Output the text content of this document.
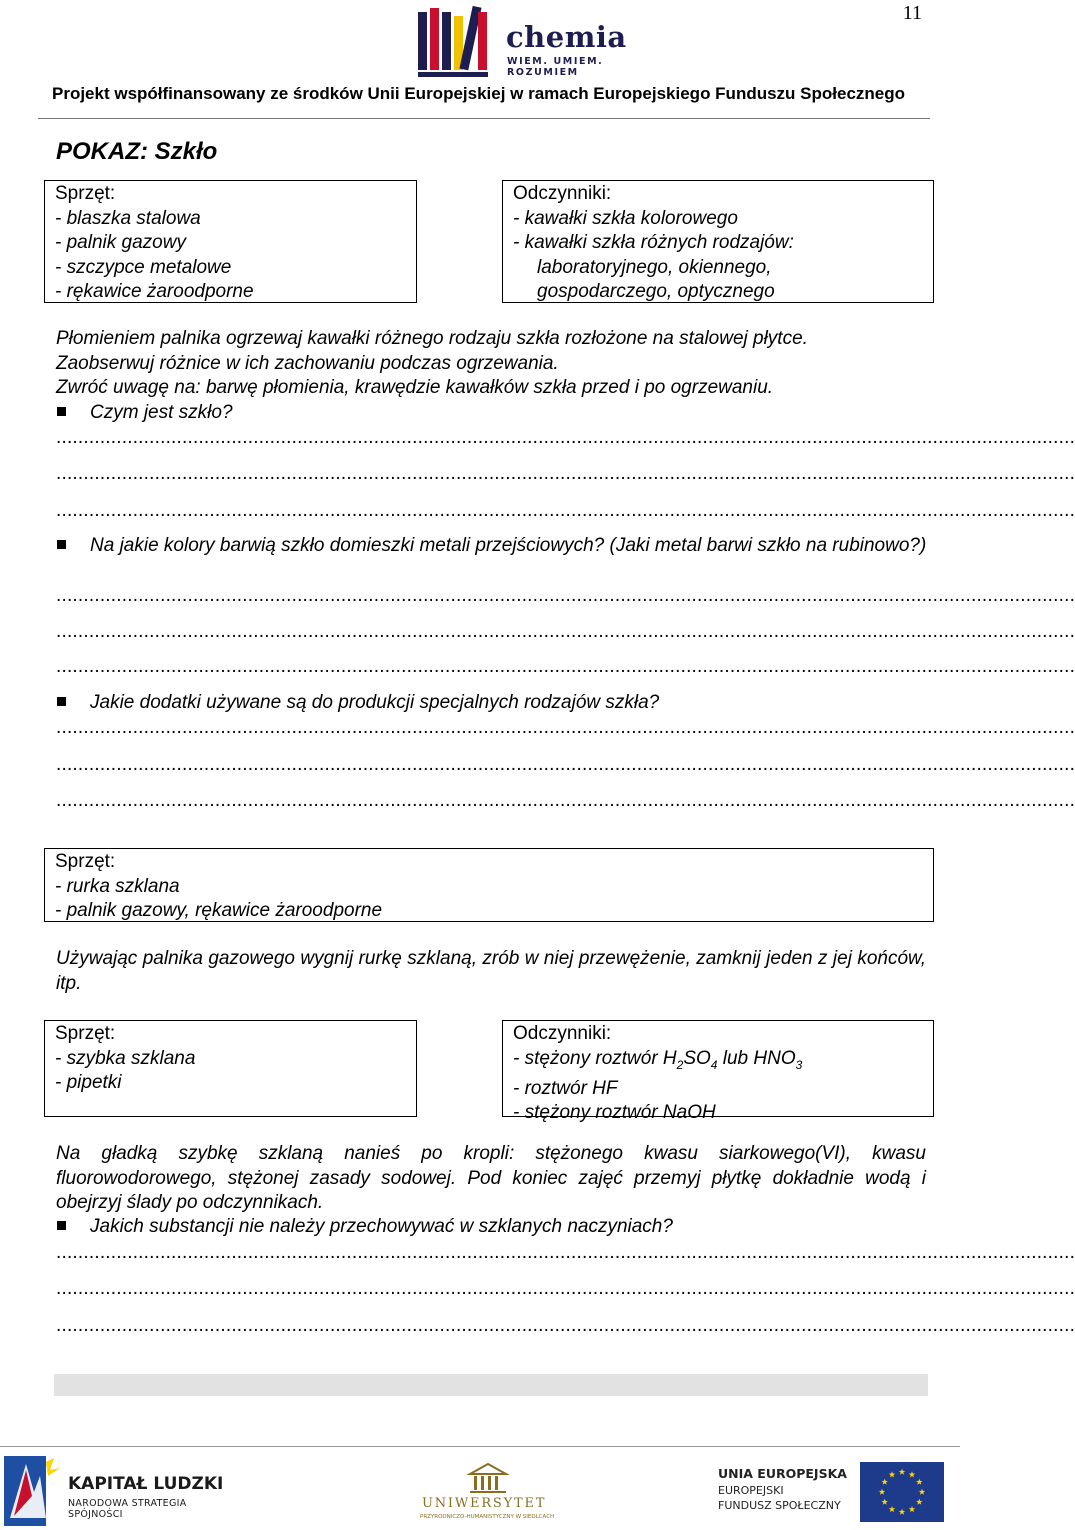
11
chemia
WIEM. UMIEM. ROZUMIEM
Projekt współfinansowany ze środków Unii Europejskiej w ramach Europejskiego Funduszu Społecznego
POKAZ: Szkło
Sprzęt:
- blaszka stalowa
- palnik gazowy
- szczypce metalowe
- rękawice żaroodporne
Odczynniki:
- kawałki szkła kolorowego
- kawałki szkła różnych rodzajów:
laboratoryjnego, okiennego,
gospodarczego, optycznego
Płomieniem palnika ogrzewaj kawałki różnego rodzaju szkła rozłożone na stalowej płytce.
Zaobserwuj różnice w ich zachowaniu podczas ogrzewania.
Zwróć uwagę na: barwę płomienia, krawędzie kawałków szkła przed i po ogrzewaniu.
Czym jest szkło?
..........................................................................................................................................................................................
..........................................................................................................................................................................................
..........................................................................................................................................................................................
Na jakie kolory barwią szkło domieszki metali przejściowych? (Jaki metal barwi szkło na rubinowo?)
..........................................................................................................................................................................................
..........................................................................................................................................................................................
..........................................................................................................................................................................................
Jakie dodatki używane są do produkcji specjalnych rodzajów szkła?
..........................................................................................................................................................................................
..........................................................................................................................................................................................
..........................................................................................................................................................................................
Sprzęt:
- rurka szklana
- palnik gazowy, rękawice żaroodporne
Używając palnika gazowego wygnij rurkę szklaną, zrób w niej przewężenie, zamknij jeden z jej końców, itp.
Sprzęt:
- szybka szklana
- pipetki
Odczynniki:
- stężony roztwór $H_2SO_4$ lub $HNO_3$
- roztwór HF
- stężony roztwór NaOH
Na gładką szybkę szklaną nanieś po kropli: stężonego kwasu siarkowego(VI), kwasu fluorowodorowego, stężonej zasady sodowej. Pod koniec zajęć przemyj płytkę dokładnie wodą i obejrzyj ślady po odczynnikach.
Jakich substancji nie należy przechowywać w szklanych naczyniach?
..........................................................................................................................................................................................
..........................................................................................................................................................................................
..........................................................................................................................................................................................
KAPITAŁ LUDZKI
NARODOWA STRATEGIA SPÓJNOŚCI
UNIWERSYTET
PRZYRODNICZO-HUMANISTYCZNY W SIEDLCACH
UNIA EUROPEJSKA
EUROPEJSKI
FUNDUSZ SPOŁECZNY
